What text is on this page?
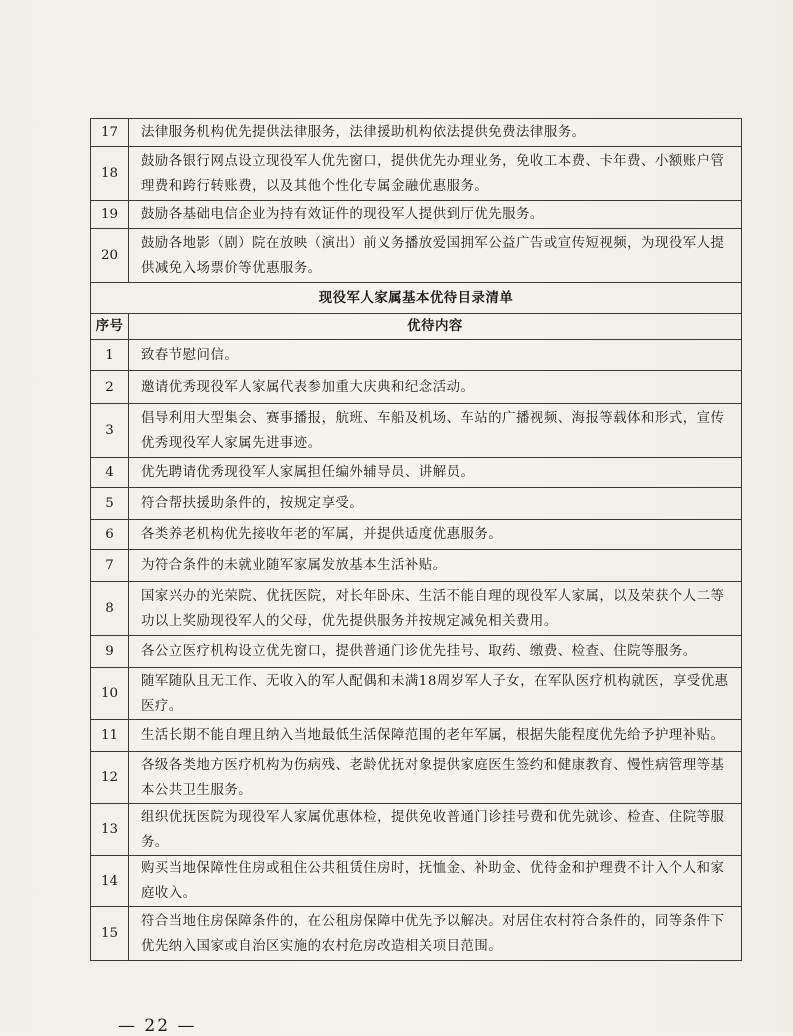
17	法律服务机构优先提供法律服务，法律援助机构依法提供免费法律服务。
18	鼓励各银行网点设立现役军人优先窗口，提供优先办理业务，免收工本费、卡年费、小额账户管理费和跨行转账费，以及其他个性化专属金融优惠服务。
19	鼓励各基础电信企业为持有效证件的现役军人提供到厅优先服务。
20	鼓励各地影（剧）院在放映（演出）前义务播放爱国拥军公益广告或宣传短视频，为现役军人提供减免入场票价等优惠服务。
现役军人家属基本优待目录清单	
序号	优待内容
1	致春节慰问信。
2	邀请优秀现役军人家属代表参加重大庆典和纪念活动。
3	倡导利用大型集会、赛事播报，航班、车船及机场、车站的广播视频、海报等载体和形式，宣传优秀现役军人家属先进事迹。
4	优先聘请优秀现役军人家属担任编外辅导员、讲解员。
5	符合帮扶援助条件的，按规定享受。
6	各类养老机构优先接收年老的军属，并提供适度优惠服务。
7	为符合条件的未就业随军家属发放基本生活补贴。
8	国家兴办的光荣院、优抚医院，对长年卧床、生活不能自理的现役军人家属，以及荣获个人二等功以上奖励现役军人的父母，优先提供服务并按规定减免相关费用。
9	各公立医疗机构设立优先窗口，提供普通门诊优先挂号、取药、缴费、检查、住院等服务。
10	随军随队且无工作、无收入的军人配偶和未满18周岁军人子女，在军队医疗机构就医，享受优惠医疗。
11	生活长期不能自理且纳入当地最低生活保障范围的老年军属，根据失能程度优先给予护理补贴。
12	各级各类地方医疗机构为伤病残、老龄优抚对象提供家庭医生签约和健康教育、慢性病管理等基本公共卫生服务。
13	组织优抚医院为现役军人家属优惠体检，提供免收普通门诊挂号费和优先就诊、检查、住院等服务。
14	购买当地保障性住房或租住公共租赁住房时，抚恤金、补助金、优待金和护理费不计入个人和家庭收入。
15	符合当地住房保障条件的，在公租房保障中优先予以解决。对居住农村符合条件的，同等条件下优先纳入国家或自治区实施的农村危房改造相关项目范围。
— 22 —
